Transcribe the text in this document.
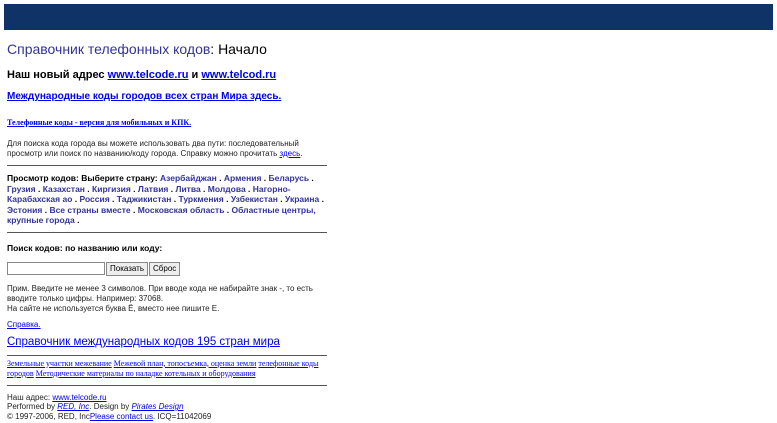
Справочник телефонных кодов: Начало
Наш новый адрес www.telcode.ru и www.telcod.ru
Международные коды городов всех стран Мира здесь.
Телефонные коды - версия для мобильных и КПК.
Для поиска кода города вы можете использовать два пути: последовательный просмотр или поиск по названию/коду города. Справку можно прочитать здесь.
Просмотр кодов: Выберите страну: Азербайджан . Армения . Беларусь . Грузия . Казахстан . Киргизия . Латвия . Литва . Молдова . Нагорно-Карабахская ао . Россия . Таджикистан . Туркмения . Узбекистан . Украина . Эстония . Все страны вместе . Московская область . Областные центры, крупные города .
Поиск кодов: по названию или коду:
Показать	Сброс
Прим. Введите не менее 3 символов. При вводе кода не набирайте знак -, то есть вводите только цифры. Например: 37068.
На сайте не используется буква Ё, вместо нее пишите Е.
Справка.
Справочник международных кодов 195 стран мира
Земельные участки межевание Межевой план, топосъемка, оценка земли телефонные коды городов Методические материалы по наладке котельных и оборудования
Наш адрес: www.telcode.ru
Performed by RED, Inc. Design by Pirates Design
© 1997-2006, RED, IncPlease contact us. ICQ=11042069
